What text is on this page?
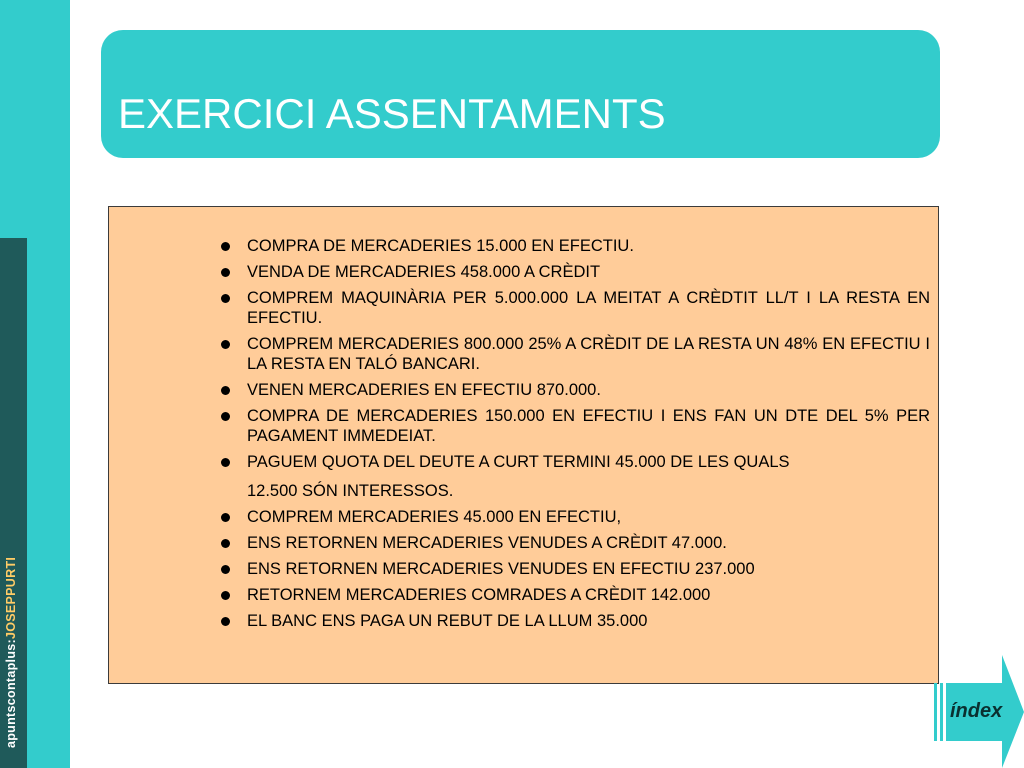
apuntscontaplus:JOSEPPURTI
EXERCICI ASSENTAMENTS
COMPRA DE MERCADERIES 15.000 EN EFECTIU.
VENDA DE MERCADERIES 458.000 A CRÈDIT
COMPREM MAQUINÀRIA PER 5.000.000 LA MEITAT A CRÈDTIT LL/T I LA RESTA EN EFECTIU.
COMPREM MERCADERIES 800.000 25% A CRÈDIT DE LA RESTA UN 48% EN EFECTIU I LA RESTA EN TALÓ BANCARI.
VENEN MERCADERIES EN EFECTIU 870.000.
COMPRA DE MERCADERIES 150.000 EN EFECTIU I ENS FAN UN DTE DEL 5% PER PAGAMENT IMMEDEIAT.
PAGUEM QUOTA DEL DEUTE A CURT TERMINI 45.000 DE LES QUALS
12.500 SÓN INTERESSOS.
COMPREM MERCADERIES 45.000 EN EFECTIU,
ENS RETORNEN MERCADERIES VENUDES A CRÈDIT 47.000.
ENS RETORNEN MERCADERIES VENUDES EN EFECTIU 237.000
RETORNEM MERCADERIES COMRADES A CRÈDIT 142.000
EL BANC ENS PAGA UN REBUT DE LA LLUM 35.000
índex
